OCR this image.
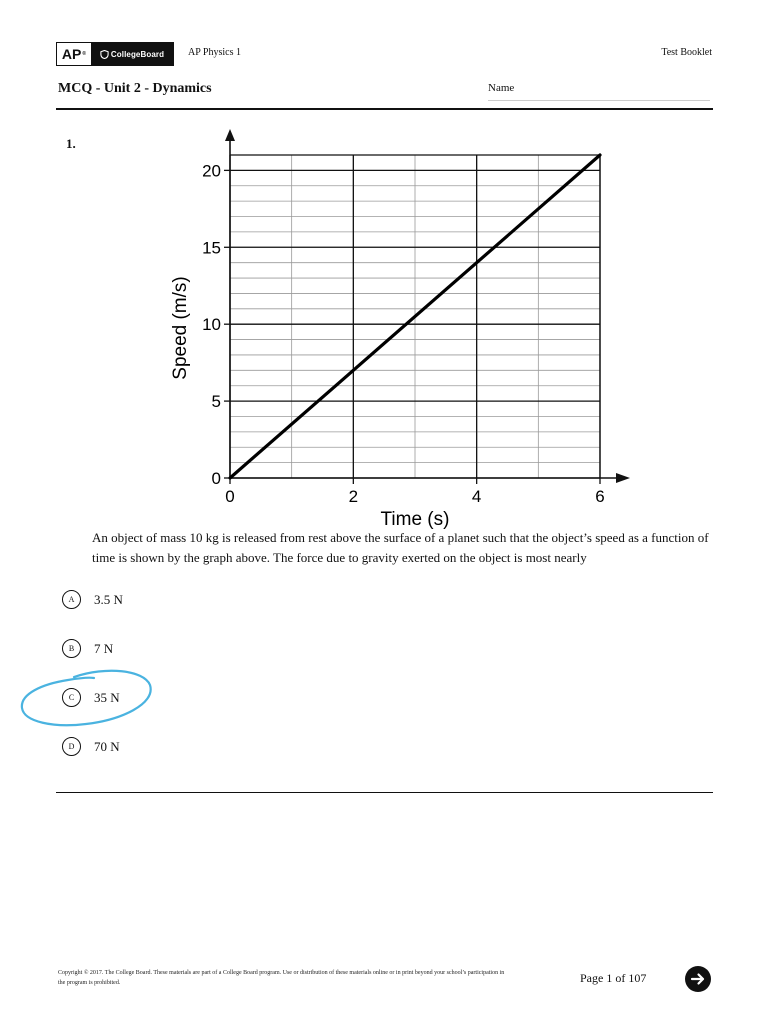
AP ®	CollegeBoard AP Physics 1	Test Booklet
MCQ - Unit 2 - Dynamics	Name
1.
0
5
10
15
20
0	2	4	6
Time (s)
Speed (m/s)
An object of mass 10 kg is released from rest above the surface of a planet such that the object’s speed as a function of time is shown by the graph above. The force due to gravity exerted on the object is most nearly
A	3.5 N
B	7 N
C	35 N
D	70 N
Copyright © 2017. The College Board. These materials are part of a College Board program. Use or distribution of these materials online or in print beyond your school’s participation in the program is prohibited.	Page 1 of 107
